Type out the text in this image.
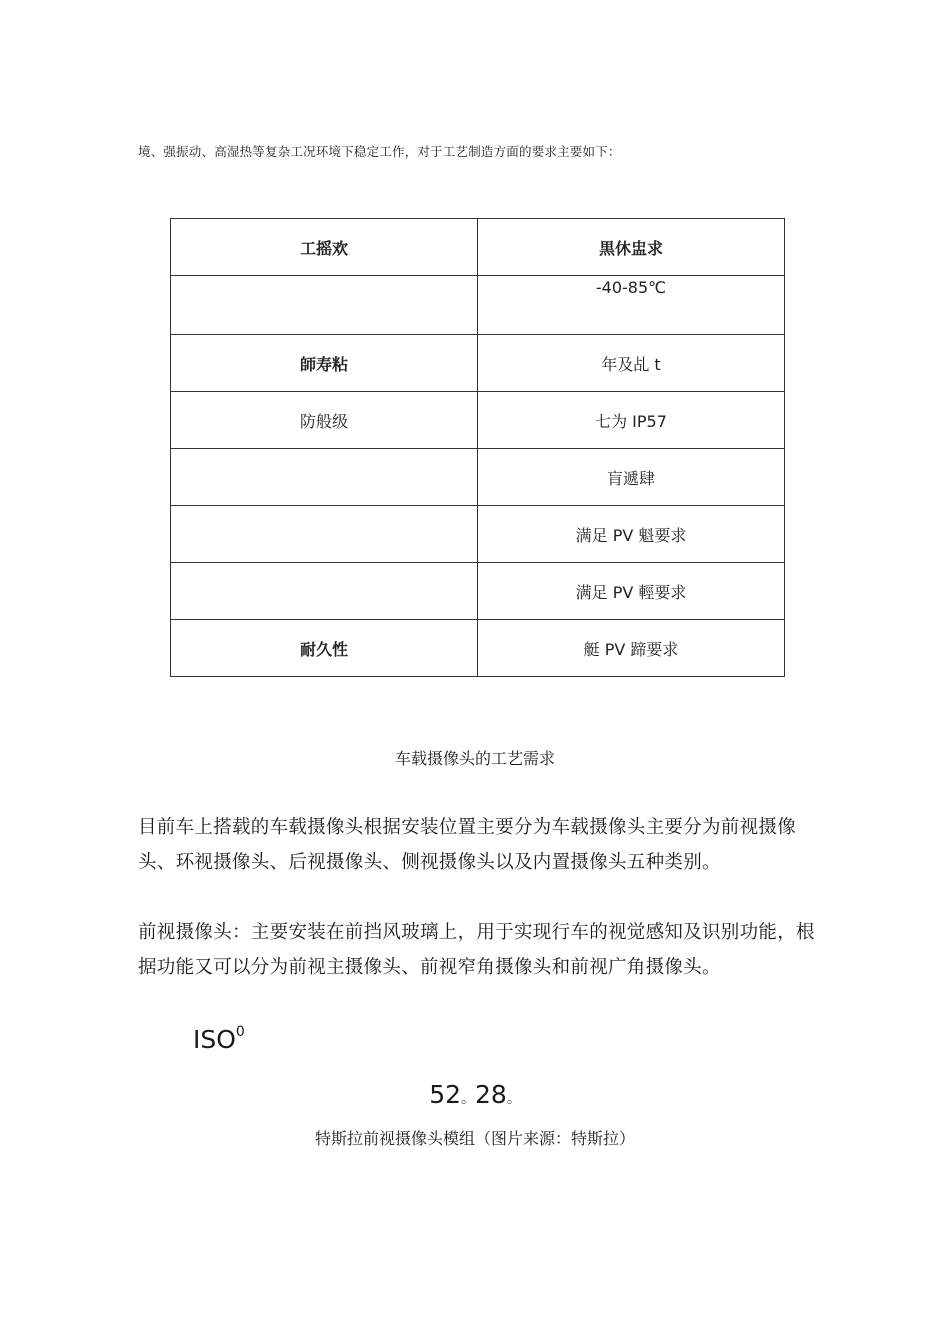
境、强振动、高湿热等复杂工况环境下稳定工作，对于工艺制造方面的要求主要如下：
工摇欢	黒休盅求
	-40-85℃
師寿粘	年及乩 t
防般级	七为 IP57
	肓遞肆
	满足 PV 魁要求
	满足 PV 輕要求
耐久性	艇 PV 蹄要求
车载摄像头的工艺需求
目前车上搭载的车载摄像头根据安装位置主要分为车载摄像头主要分为前视摄像头、环视摄像头、后视摄像头、侧视摄像头以及内置摄像头五种类别。
前视摄像头：主要安装在前挡风玻璃上，用于实现行车的视觉感知及识别功能，根据功能又可以分为前视主摄像头、前视窄角摄像头和前视广角摄像头。
ISO$^0$
52。28。
特斯拉前视摄像头模组（图片来源：特斯拉）
